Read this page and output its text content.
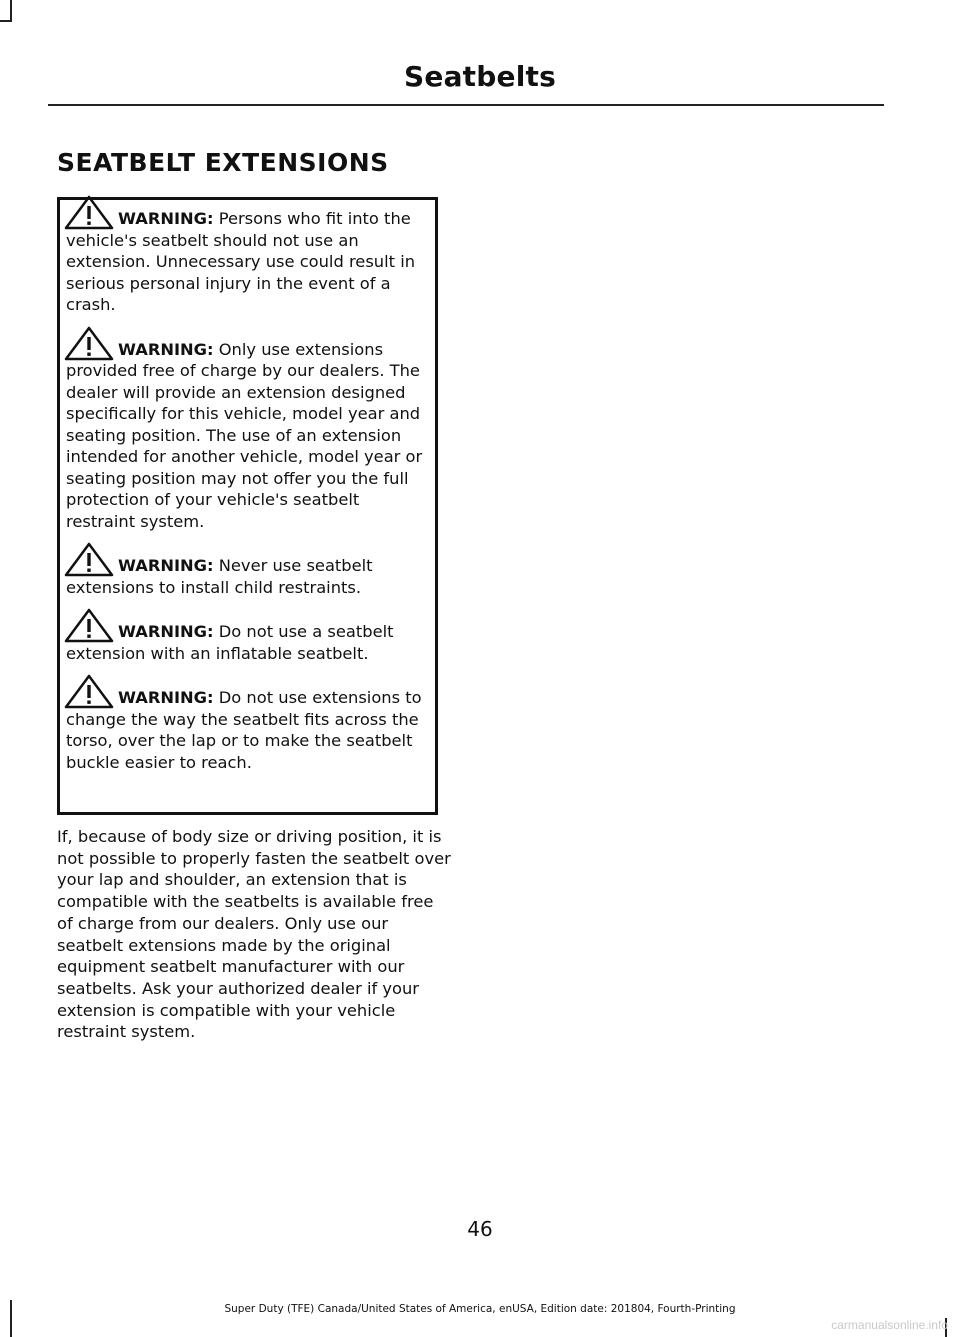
Seatbelts
SEATBELT EXTENSIONS
WARNING: Persons who fit into the vehicle's seatbelt should not use an extension. Unnecessary use could result in serious personal injury in the event of a crash.
WARNING: Only use extensions provided free of charge by our dealers. The dealer will provide an extension designed specifically for this vehicle, model year and seating position. The use of an extension intended for another vehicle, model year or seating position may not offer you the full protection of your vehicle's seatbelt restraint system.
WARNING: Never use seatbelt extensions to install child restraints.
WARNING: Do not use a seatbelt extension with an inflatable seatbelt.
WARNING: Do not use extensions to change the way the seatbelt fits across the torso, over the lap or to make the seatbelt buckle easier to reach.
If, because of body size or driving position, it is not possible to properly fasten the seatbelt over your lap and shoulder, an extension that is compatible with the seatbelts is available free of charge from our dealers. Only use our seatbelt extensions made by the original equipment seatbelt manufacturer with our seatbelts. Ask your authorized dealer if your extension is compatible with your vehicle restraint system.
46
Super Duty (TFE) Canada/United States of America, enUSA, Edition date: 201804, Fourth-Printing
carmanualsonline.info
